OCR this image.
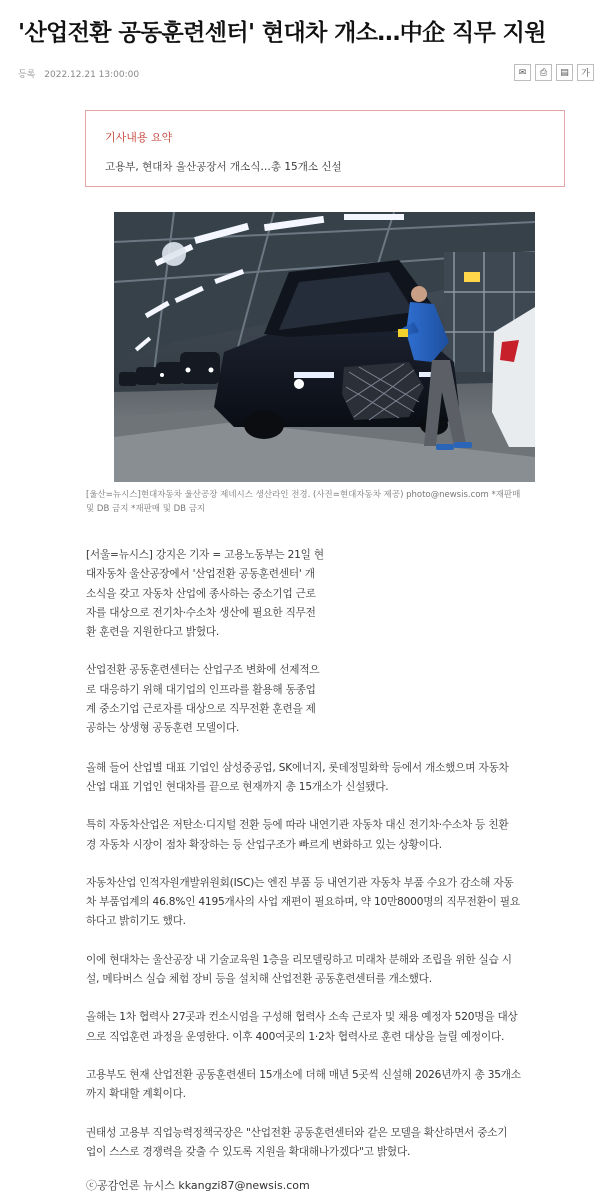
'산업전환 공동훈련센터' 현대차 개소…中企 직무 지원
등록 2022.12.21 13:00:00	✉	⎙	▤	가
기사내용 요약
고용부, 현대차 울산공장서 개소식…총 15개소 신설
[울산=뉴시스]현대자동차 울산공장 제네시스 생산라인 전경. (사진=현대자동차 제공) photo@newsis.com *재판매
및 DB 금지 *재판매 및 DB 금지

[서울=뉴시스] 강지은 기자 = 고용노동부는 21일 현
대자동차 울산공장에서 '산업전환 공동훈련센터' 개
소식을 갖고 자동차 산업에 종사하는 중소기업 근로
자를 대상으로 전기차·수소차 생산에 필요한 직무전
환 훈련을 지원한다고 밝혔다.

산업전환 공동훈련센터는 산업구조 변화에 선제적으
로 대응하기 위해 대기업의 인프라를 활용해 동종업
계 중소기업 근로자를 대상으로 직무전환 훈련을 제
공하는 상생형 공동훈련 모델이다.

올해 들어 산업별 대표 기업인 삼성중공업, SK에너지, 롯데정밀화학 등에서 개소했으며 자동차
산업 대표 기업인 현대차를 끝으로 현재까지 총 15개소가 신설됐다.

특히 자동차산업은 저탄소·디지털 전환 등에 따라 내연기관 자동차 대신 전기차·수소차 등 친환
경 자동차 시장이 점차 확장하는 등 산업구조가 빠르게 변화하고 있는 상황이다.

자동차산업 인적자원개발위원회(ISC)는 엔진 부품 등 내연기관 자동차 부품 수요가 감소해 자동
차 부품업계의 46.8%인 4195개사의 사업 재편이 필요하며, 약 10만8000명의 직무전환이 필요
하다고 밝히기도 했다.

이에 현대차는 울산공장 내 기술교육원 1층을 리모델링하고 미래차 분해와 조립을 위한 실습 시
설, 메타버스 실습 체험 장비 등을 설치해 산업전환 공동훈련센터를 개소했다.

올해는 1차 협력사 27곳과 컨소시엄을 구성해 협력사 소속 근로자 및 채용 예정자 520명을 대상
으로 직업훈련 과정을 운영한다. 이후 400여곳의 1·2차 협력사로 훈련 대상을 늘릴 예정이다.

고용부도 현재 산업전환 공동훈련센터 15개소에 더해 매년 5곳씩 신설해 2026년까지 총 35개소
까지 확대할 계획이다.

권태성 고용부 직업능력정책국장은 "산업전환 공동훈련센터와 같은 모델을 확산하면서 중소기
업이 스스로 경쟁력을 갖출 수 있도록 지원을 확대해나가겠다"고 밝혔다.

ⓒ공감언론 뉴시스 kkangzi87@newsis.com
